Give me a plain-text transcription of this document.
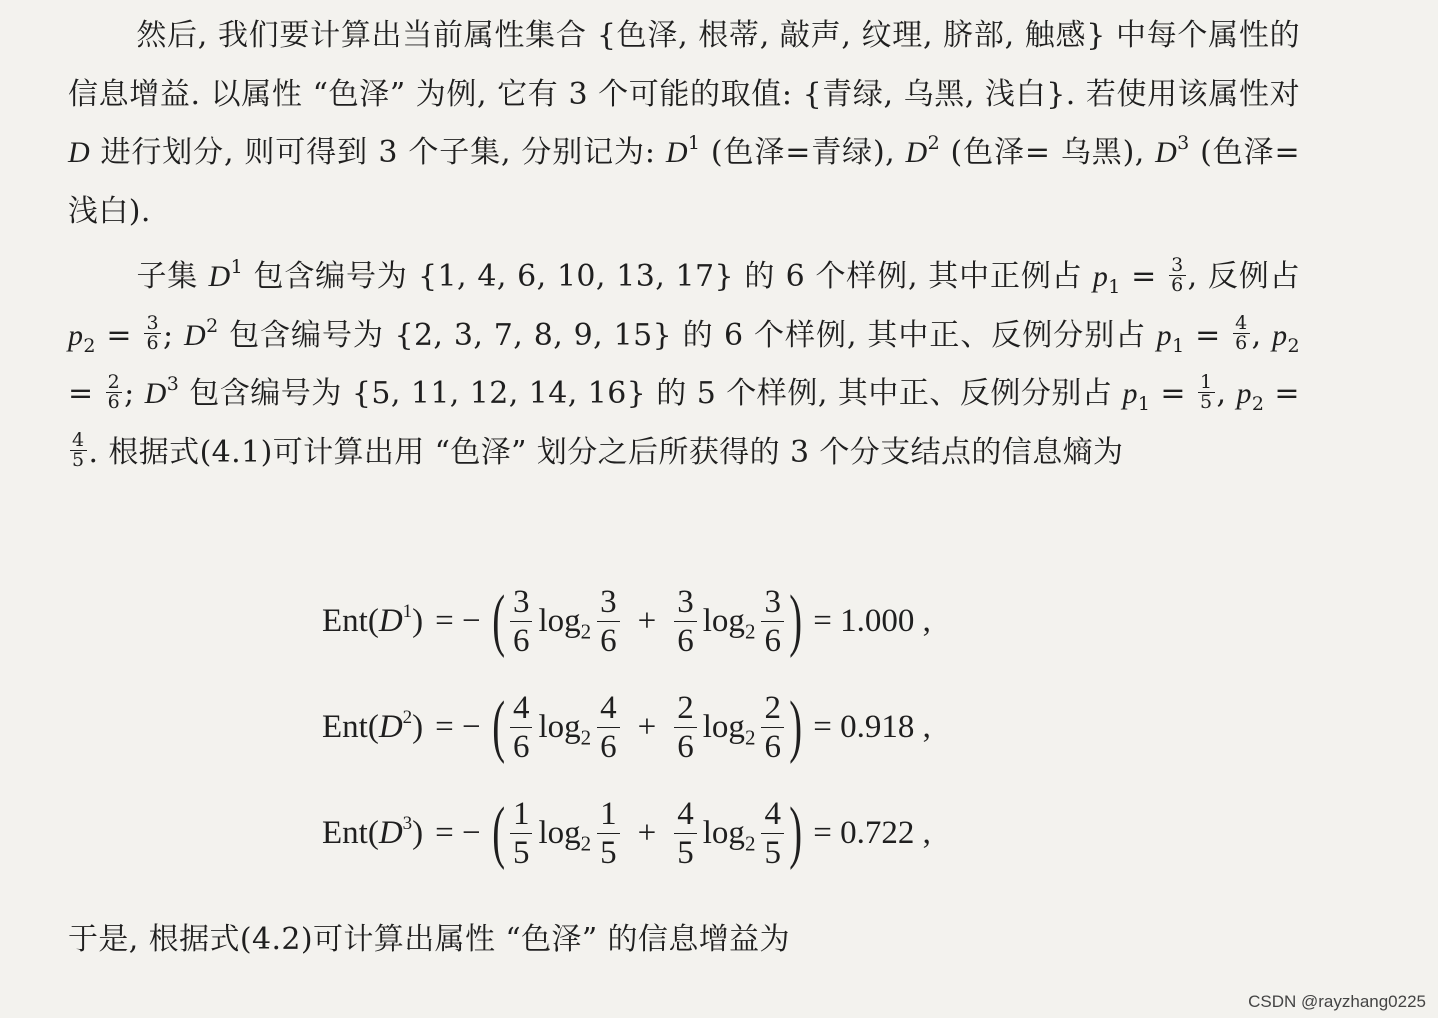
然后, 我们要计算出当前属性集合 {色泽, 根蒂, 敲声, 纹理, 脐部, 触感} 中每个属性的信息增益. 以属性 “色泽” 为例, 它有 3 个可能的取值: {青绿, 乌黑, 浅白}. 若使用该属性对 D 进行划分, 则可得到 3 个子集, 分别记为: $D^1$ (色泽=青绿), $D^2$ (色泽= 乌黑), $D^3$ (色泽=浅白).
子集 $D^1$ 包含编号为 {1, 4, 6, 10, 13, 17} 的 6 个样例, 其中正例占 $p_1 = \frac{3}{6}$ , 反例占 $p_2 = \frac{3}{6}$ ; $D^2$ 包含编号为 {2, 3, 7, 8, 9, 15} 的 6 个样例, 其中正、反例分别占 $p_1 = \frac{4}{6}$ , $p_2 = \frac{2}{6}$ ; $D^3$ 包含编号为 {5, 11, 12, 14, 16} 的 5 个样例, 其中正、反例分别占 $p_1 = \frac{1}{5}$ , $p_2$ =
$\frac{4}{5}$ . 根据式(4.1)可计算出用 “色泽” 划分之后所获得的 3 个分支结点的信息熵为
$Ent(D^1)$ = − ( $\frac{3}{6} \log_2 \frac{3}{6} + \frac{3}{6} \log_2 \frac{3}{6}$ ) = 1.000 ,
$Ent(D^2)$ = − ( $\frac{4}{6} \log_2 \frac{4}{6} + \frac{2}{6} \log_2 \frac{2}{6}$ ) = 0.918 ,
$Ent(D^3)$ = − ( $\frac{1}{5} \log_2 \frac{1}{5} + \frac{4}{5} \log_2 \frac{4}{5}$ ) = 0.722 ,
于是, 根据式(4.2)可计算出属性 “色泽” 的信息增益为
CSDN @rayzhang0225
